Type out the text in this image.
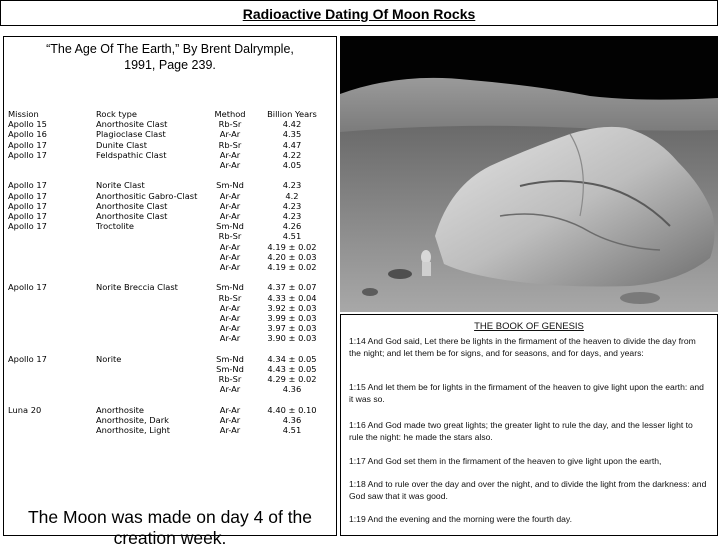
Radioactive Dating Of Moon Rocks
“The Age Of The Earth,” By Brent Dalrymple,
1991, Page 239.
Mission	Rock type	Method	Billion Years
Apollo 15	Anorthosite Clast	Rb-Sr	4.42
Apollo 16	Plagioclase Clast	Ar-Ar	4.35
Apollo 17	Dunite Clast	Rb-Sr	4.47
Apollo 17	Feldspathic Clast	Ar-Ar	4.22
		Ar-Ar	4.05

Apollo 17	Norite Clast	Sm-Nd	4.23
Apollo 17	Anorthositic Gabro-Clast	Ar-Ar	4.2
Apollo 17	Anorthosite Clast	Ar-Ar	4.23
Apollo 17	Anorthosite Clast	Ar-Ar	4.23
Apollo 17	Troctolite	Sm-Nd	4.26
		Rb-Sr	4.51
		Ar-Ar	4.19 ± 0.02
		Ar-Ar	4.20 ± 0.03
		Ar-Ar	4.19 ± 0.02

Apollo 17	Norite Breccia Clast	Sm-Nd	4.37 ± 0.07
		Rb-Sr	4.33 ± 0.04
		Ar-Ar	3.92 ± 0.03
		Ar-Ar	3.99 ± 0.03
		Ar-Ar	3.97 ± 0.03
		Ar-Ar	3.90 ± 0.03

Apollo 17	Norite	Sm-Nd	4.34 ± 0.05
		Sm-Nd	4.43 ± 0.05
		Rb-Sr	4.29 ± 0.02
		Ar-Ar	4.36

Luna 20	Anorthosite	Ar-Ar	4.40 ± 0.10
	Anorthosite, Dark	Ar-Ar	4.36
	Anorthosite, Light	Ar-Ar	4.51
The Moon was made on day 4 of the
creation week.
THE BOOK OF GENESIS
1:14 And God said, Let there be lights in the firmament of the heaven to divide the day from the night; and let them be for signs, and for seasons, and for days, and years:
1:15 And let them be for lights in the firmament of the heaven to give light upon the earth: and it was so.
1:16 And God made two great lights; the greater light to rule the day, and the lesser light to rule the night: he made the stars also.
1:17 And God set them in the firmament of the heaven to give light upon the earth,
1:18 And to rule over the day and over the night, and to divide the light from the darkness: and God saw that it was good.
1:19 And the evening and the morning were the fourth day.
